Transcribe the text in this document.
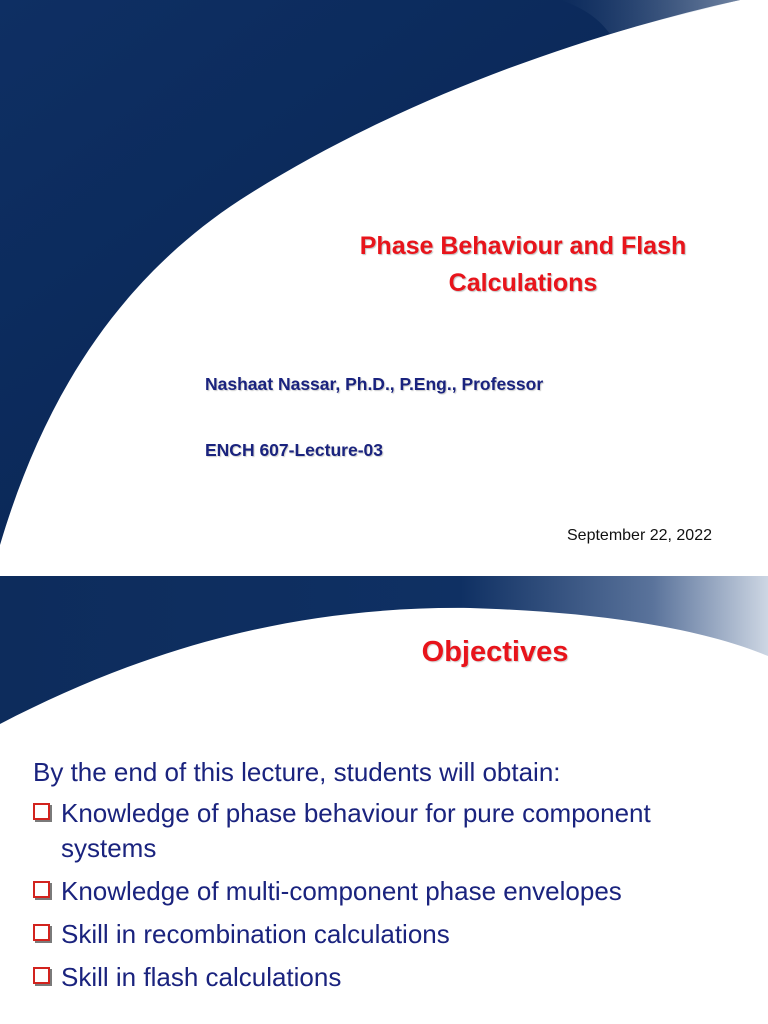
Phase Behaviour and Flash
Calculations
Nashaat Nassar, Ph.D., P.Eng., Professor
ENCH 607-Lecture-03
September 22, 2022
Objectives
By the end of this lecture, students will obtain:
Knowledge of phase behaviour for pure component systems
Knowledge of multi-component phase envelopes
Skill in recombination calculations
Skill in flash calculations
